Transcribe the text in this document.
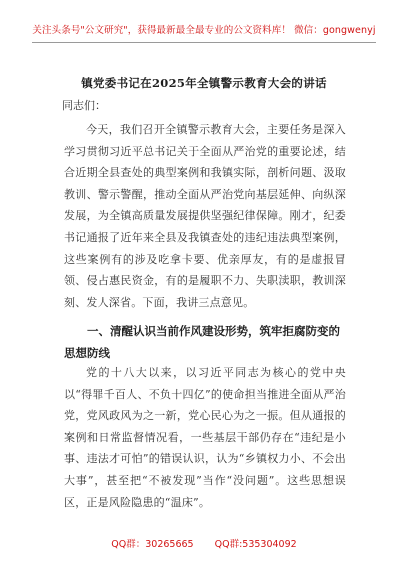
关注头条号"公文研究"，获得最新最全最专业的公文资料库！ 微信：gongwenyj
镇党委书记在2025年全镇警示教育大会的讲话
同志们：

今天，我们召开全镇警示教育大会，主要任务是深入学习贯彻习近平总书记关于全面从严治党的重要论述，结合近期全县查处的典型案例和我镇实际，剖析问题、汲取教训、警示警醒，推动全面从严治党向基层延伸、向纵深发展，为全镇高质量发展提供坚强纪律保障。刚才，纪委书记通报了近年来全县及我镇查处的违纪违法典型案例，这些案例有的涉及吃拿卡要、优亲厚友，有的是虚报冒领、侵占惠民资金，有的是履职不力、失职渎职，教训深刻、发人深省。下面，我讲三点意见。

一、清醒认识当前作风建设形势，筑牢拒腐防变的思想防线

党的十八大以来，以习近平同志为核心的党中央以“得罪千百人、不负十四亿”的使命担当推进全面从严治党，党风政风为之一新，党心民心为之一振。但从通报的案例和日常监督情况看，一些基层干部仍存在“违纪是小事、违法才可怕”的错误认识，认为“乡镇权力小、不会出大事”，甚至把“不被发现”当作“没问题”。这些思想误区，正是风险隐患的“温床”。

QQ群：30265665 QQ群:535304092
